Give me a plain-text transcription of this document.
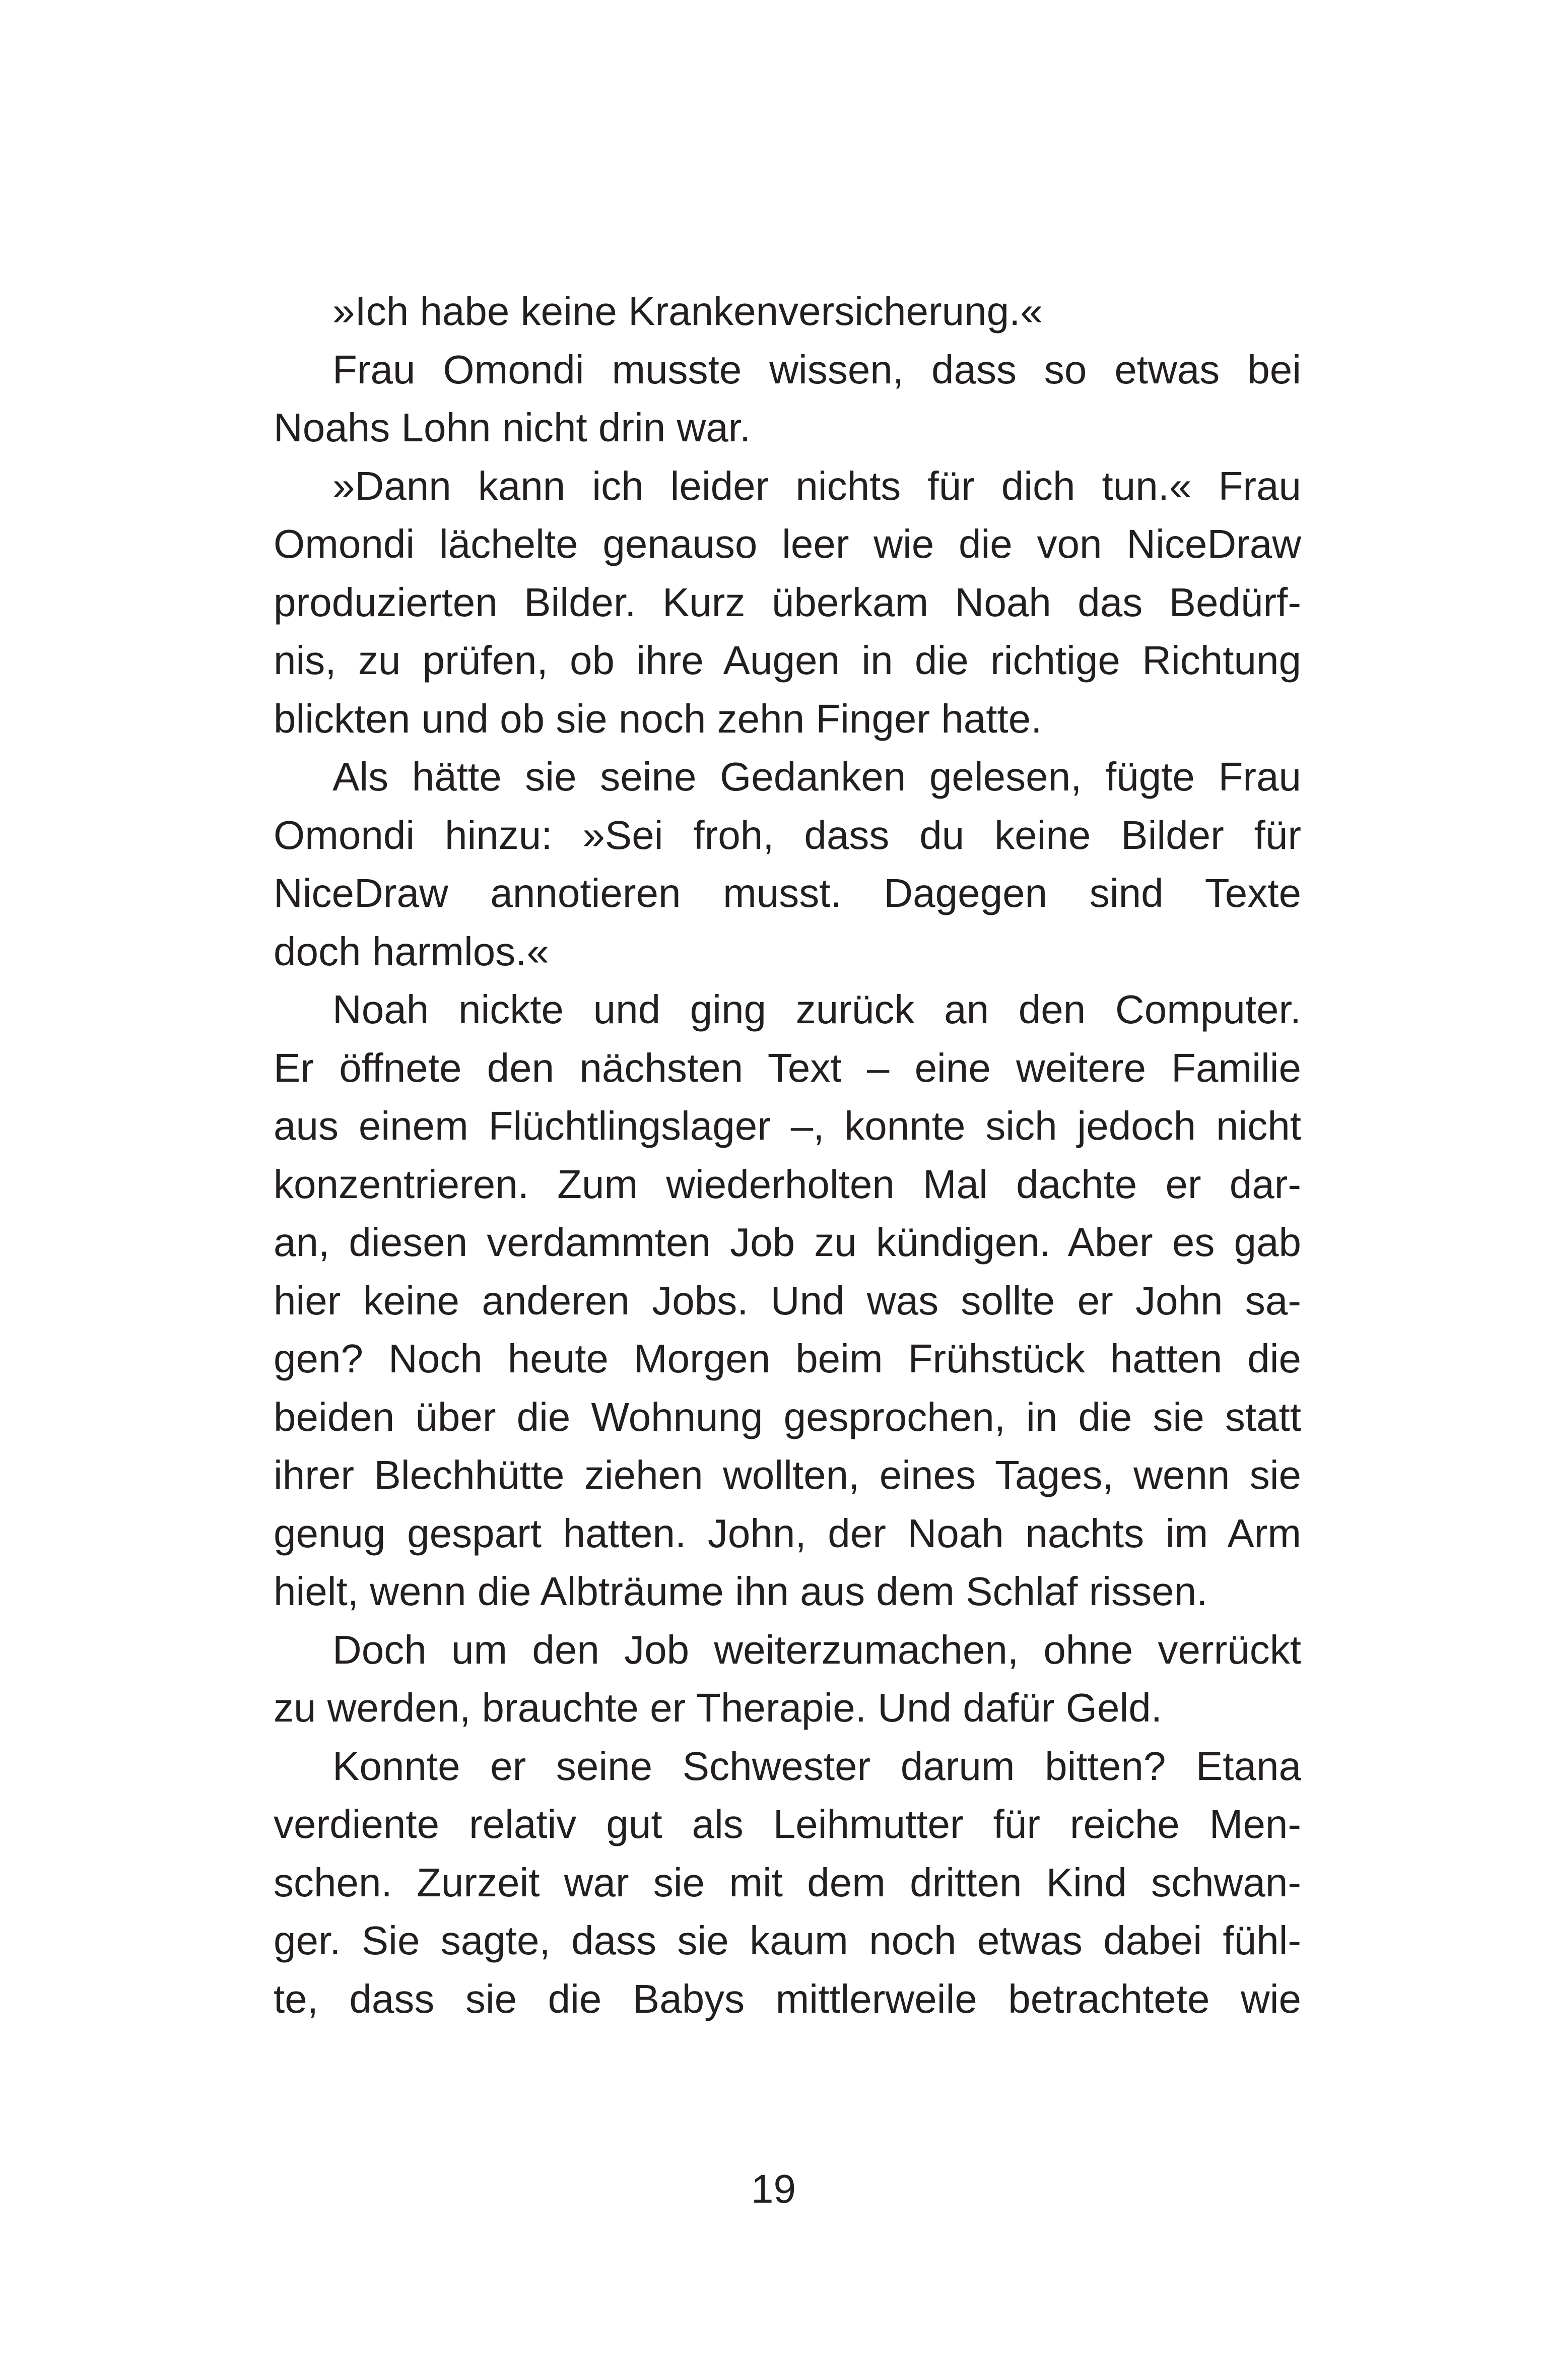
»Ich habe keine Krankenversicherung.«
Frau Omondi musste wissen, dass so etwas bei
Noahs Lohn nicht drin war.
»Dann kann ich leider nichts für dich tun.« Frau
Omondi lächelte genauso leer wie die von NiceDraw
produzierten Bilder. Kurz überkam Noah das Bedürf-
nis, zu prüfen, ob ihre Augen in die richtige Richtung
blickten und ob sie noch zehn Finger hatte.
Als hätte sie seine Gedanken gelesen, fügte Frau
Omondi hinzu: »Sei froh, dass du keine Bilder für
NiceDraw annotieren musst. Dagegen sind Texte
doch harmlos.«
Noah nickte und ging zurück an den Computer.
Er öffnete den nächsten Text – eine weitere Familie
aus einem Flüchtlingslager –, konnte sich jedoch nicht
konzentrieren. Zum wiederholten Mal dachte er dar-
an, diesen verdammten Job zu kündigen. Aber es gab
hier keine anderen Jobs. Und was sollte er John sa-
gen? Noch heute Morgen beim Frühstück hatten die
beiden über die Wohnung gesprochen, in die sie statt
ihrer Blechhütte ziehen wollten, eines Tages, wenn sie
genug gespart hatten. John, der Noah nachts im Arm
hielt, wenn die Albträume ihn aus dem Schlaf rissen.
Doch um den Job weiterzumachen, ohne verrückt
zu werden, brauchte er Therapie. Und dafür Geld.
Konnte er seine Schwester darum bitten? Etana
verdiente relativ gut als Leihmutter für reiche Men-
schen. Zurzeit war sie mit dem dritten Kind schwan-
ger. Sie sagte, dass sie kaum noch etwas dabei fühl-
te, dass sie die Babys mittlerweile betrachtete wie
19
